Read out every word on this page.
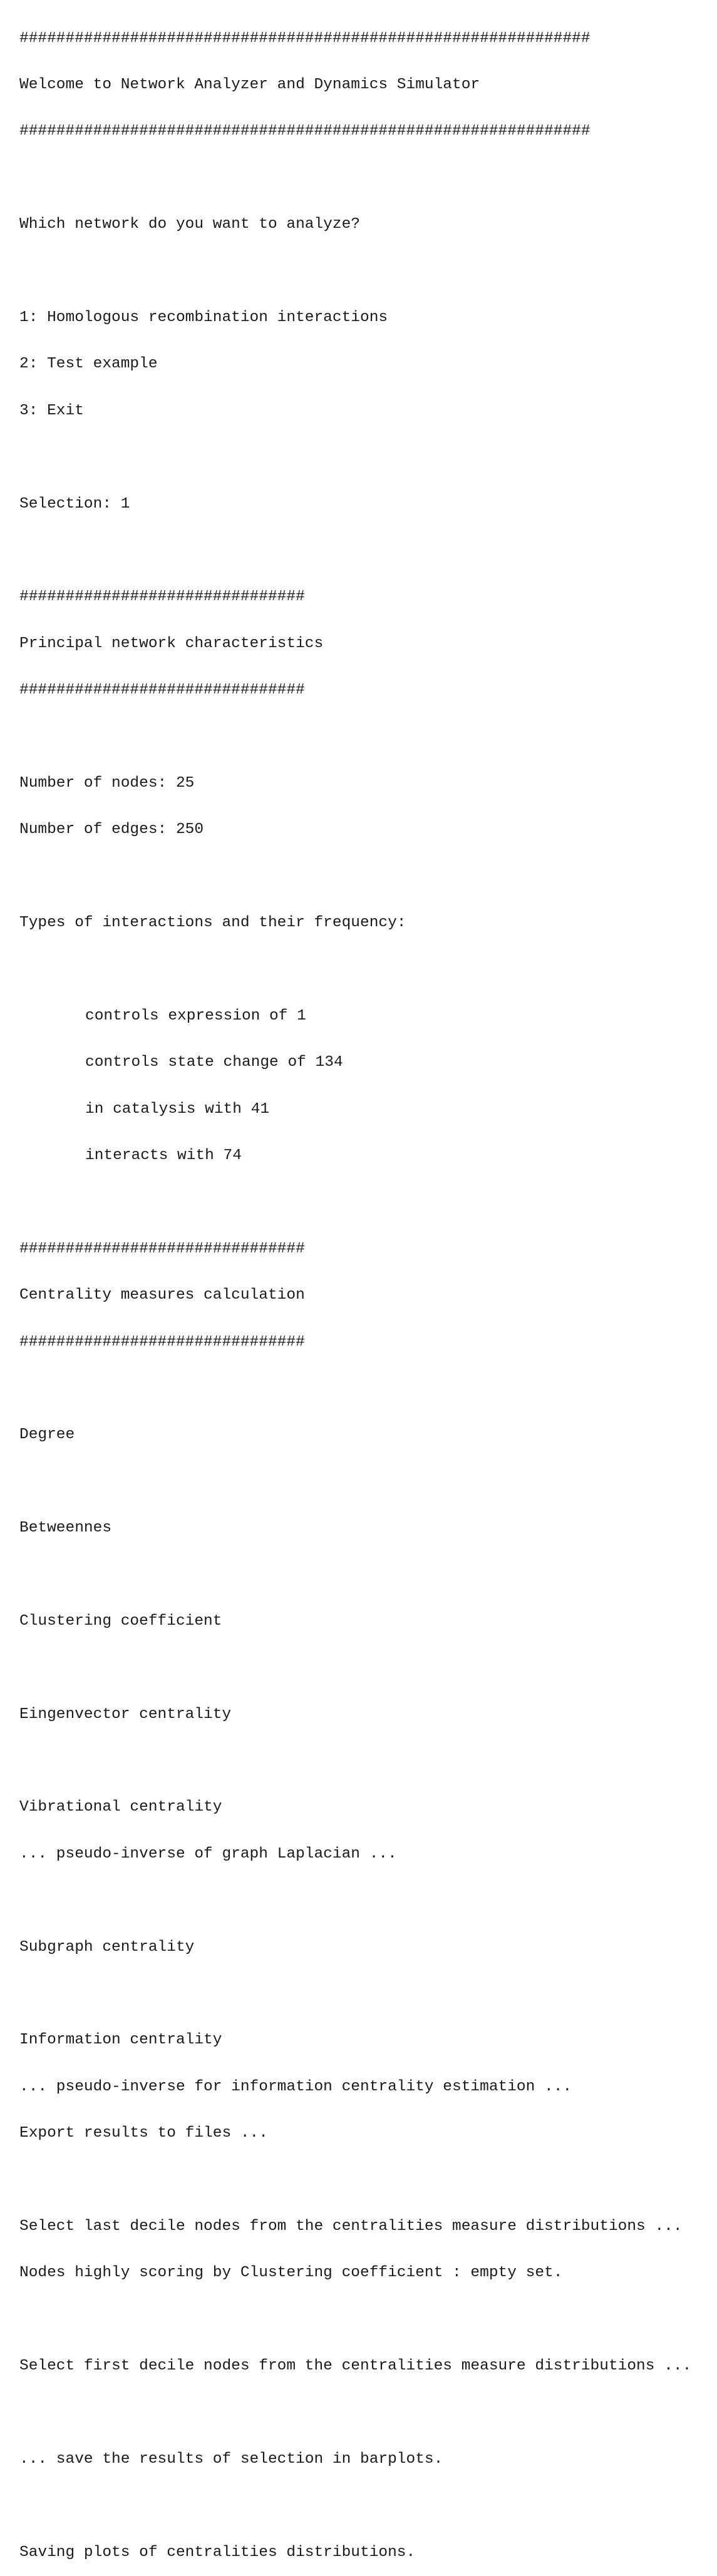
##############################################################

Welcome to Network Analyzer and Dynamics Simulator

##############################################################

Which network do you want to analyze?

1: Homologous recombination interactions

2: Test example

3: Exit

Selection: 1

###############################

Principal network characteristics

###############################

Number of nodes: 25

Number of edges: 250

Types of interactions and their frequency:

controls expression of 1

controls state change of 134

in catalysis with 41

interacts with 74

###############################

Centrality measures calculation

###############################

Degree

Betweennes

Clustering coefficient

Eingenvector centrality

Vibrational centrality

... pseudo-inverse of graph Laplacian ...

Subgraph centrality

Information centrality

... pseudo-inverse for information centrality estimation ...

Export results to files ...

Select last decile nodes from the centralities measure distributions ...

Nodes highly scoring by Clustering coefficient : empty set.

Select first decile nodes from the centralities measure distributions ...

... save the results of selection in barplots.

Saving plots of centralities distributions.
